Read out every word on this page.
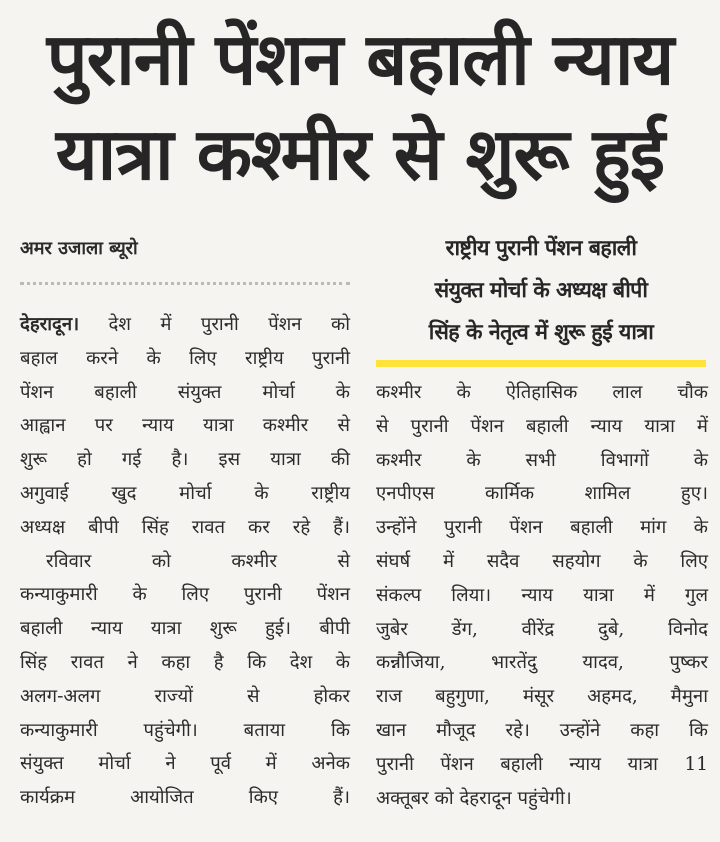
पुरानी पेंशन बहाली न्याय
यात्रा कश्मीर से शुरू हुई
अमर उजाला ब्यूरो	राष्ट्रीय पुरानी पेंशन बहाली
संयुक्त मोर्चा के अध्यक्ष बीपी
सिंह के नेतृत्व में शुरू हुई यात्रा
देहरादून। देश में पुरानी पेंशन को
बहाल करने के लिए राष्ट्रीय पुरानी
पेंशन बहाली संयुक्त मोर्चा के
आह्वान पर न्याय यात्रा कश्मीर से
शुरू हो गई है। इस यात्रा की
अगुवाई खुद मोर्चा के राष्ट्रीय
अध्यक्ष बीपी सिंह रावत कर रहे हैं।
रविवार को कश्मीर से
कन्याकुमारी के लिए पुरानी पेंशन
बहाली न्याय यात्रा शुरू हुई। बीपी
सिंह रावत ने कहा है कि देश के
अलग-अलग राज्यों से होकर
कन्याकुमारी पहुंचेगी। बताया कि
संयुक्त मोर्चा ने पूर्व में अनेक
कार्यक्रम आयोजित किए हैं।
कश्मीर के ऐतिहासिक लाल चौक
से पुरानी पेंशन बहाली न्याय यात्रा में
कश्मीर के सभी विभागों के
एनपीएस कार्मिक शामिल हुए।
उन्होंने पुरानी पेंशन बहाली मांग के
संघर्ष में सदैव सहयोग के लिए
संकल्प लिया। न्याय यात्रा में गुल
जुबेर डेंग, वीरेंद्र दुबे, विनोद
कन्नौजिया, भारतेंदु यादव, पुष्कर
राज बहुगुणा, मंसूर अहमद, मैमुना
खान मौजूद रहे। उन्होंने कहा कि
पुरानी पेंशन बहाली न्याय यात्रा 11
अक्तूबर को देहरादून पहुंचेगी।
